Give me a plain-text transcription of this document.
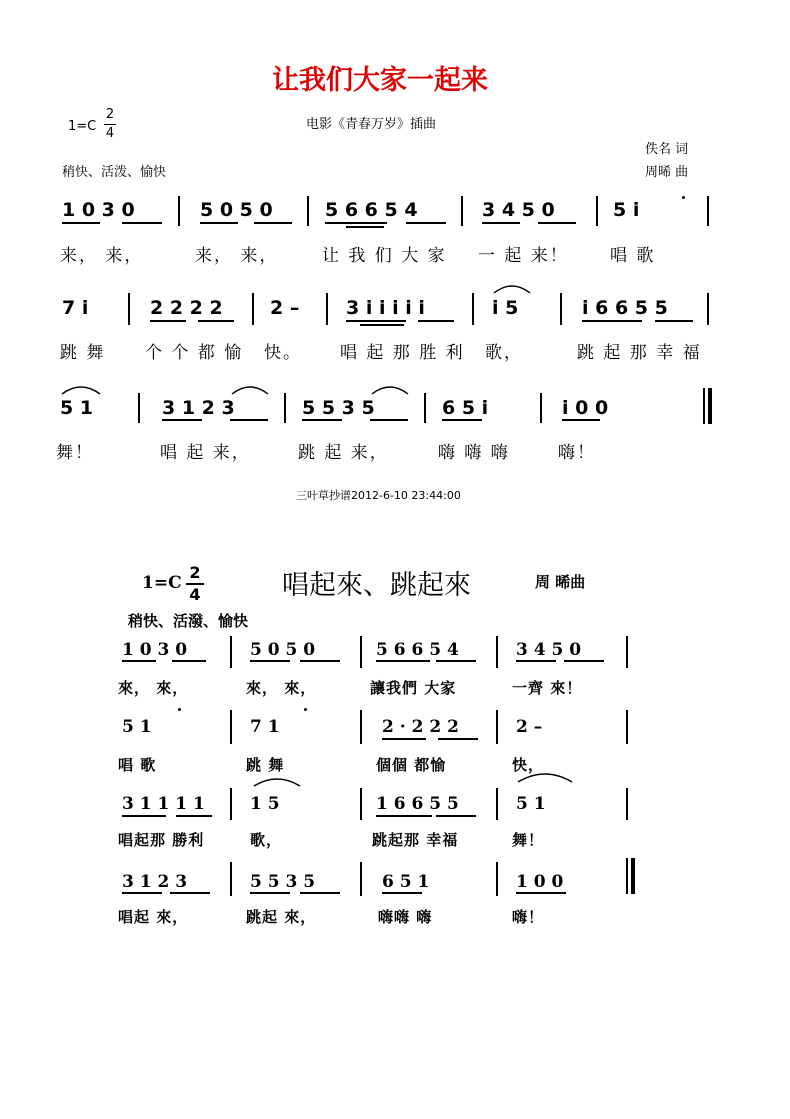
让我们大家一起来
1=C
2
4
电影《青春万岁》插曲
佚名 词
周晞 曲
稍快、活泼、愉快
1 0 3 0	5 0 5 0	5 6 6 5 4	3 4 5 0	5 i
来， 来，	来， 来，	让 我 们 大 家 一 起 来！ 唱 歌
7 i	2 2 2 2 2 – 3 i i i i i	i 5	i 6 6 5 5
跳 舞 个 个 都 愉 快。 唱 起 那 胜 利 歌，	跳 起 那 幸 福
5 1	3 1 2 3	5 5 3 5	6 5 i	i 0 0
舞！	唱 起 来，	跳 起 来，	嗨 嗨 嗨	嗨！
三叶草抄谱2012-6-10 23:44:00
1=C
2
4	唱起來、跳起來	周 晞曲
稍快、活潑、愉快
1 0 3 0	5 0 5 0	5 6 6 5 4	3 4 5 0
來， 來，	來， 來，	讓我們 大家	一齊 來！
5 1	7 1	2 · 2 2 2	2 –
唱 歌	跳 舞	個個 都愉	快，
3 1 1 1 1	1 5	1 6 6 5 5	5 1
唱起那 勝利	歌，	跳起那 幸福	舞！
3 1 2 3	5 5 3 5	6 5 1	1 0 0
唱起 來，	跳起 來，	嗨嗨 嗨	嗨！
